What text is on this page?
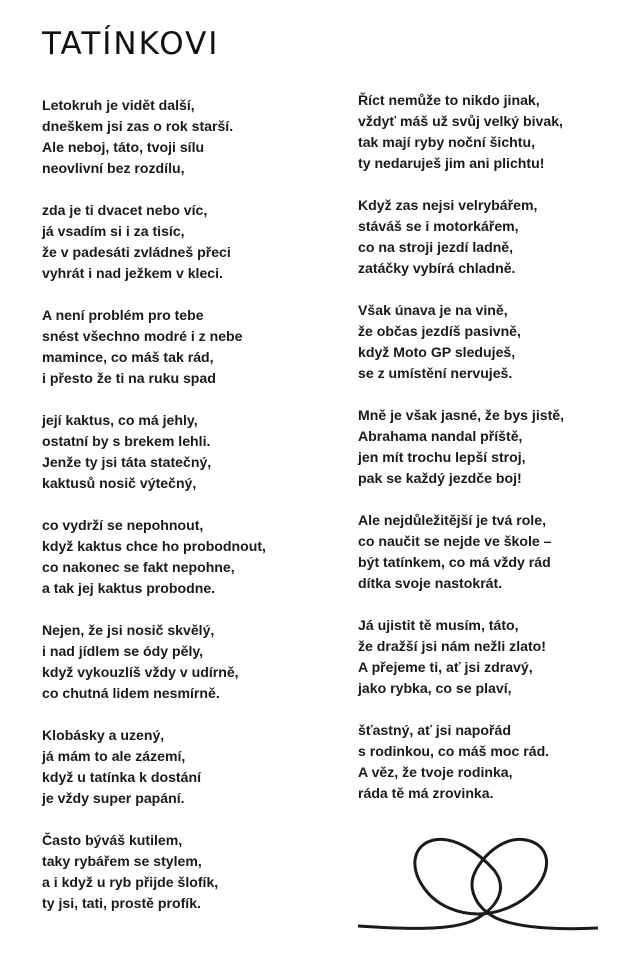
TATÍNKOVI
Letokruh je vidět další,
dneškem jsi zas o rok starší.
Ale neboj, táto, tvoji sílu
neovlivní bez rozdílu,
zda je ti dvacet nebo víc,
já vsadím si i za tisíc,
že v padesáti zvládneš přeci
vyhrát i nad ježkem v kleci.
A není problém pro tebe
snést všechno modré i z nebe
mamince, co máš tak rád,
i přesto že ti na ruku spad
její kaktus, co má jehly,
ostatní by s brekem lehli.
Jenže ty jsi táta statečný,
kaktusů nosič výtečný,
co vydrží se nepohnout,
když kaktus chce ho probodnout,
co nakonec se fakt nepohne,
a tak jej kaktus probodne.
Nejen, že jsi nosič skvělý,
i nad jídlem se ódy pěly,
když vykouzlíš vždy v udírně,
co chutná lidem nesmírně.
Klobásky a uzený,
já mám to ale zázemí,
když u tatínka k dostání
je vždy super papání.
Často býváš kutilem,
taky rybářem se stylem,
a i když u ryb přijde šlofík,
ty jsi, tati, prostě profík.
Říct nemůže to nikdo jinak,
vždyť máš už svůj velký bivak,
tak mají ryby noční šichtu,
ty nedaruješ jim ani plichtu!
Když zas nejsi velrybářem,
stáváš se i motorkářem,
co na stroji jezdí ladně,
zatáčky vybírá chladně.
Však únava je na vině,
že občas jezdíš pasivně,
když Moto GP sleduješ,
se z umístění nervuješ.
Mně je však jasné, že bys jistě,
Abrahama nandal příště,
jen mít trochu lepší stroj,
pak se každý jezdče boj!
Ale nejdůležitější je tvá role,
co naučit se nejde ve škole –
být tatínkem, co má vždy rád
dítka svoje nastokrát.
Já ujistit tě musím, táto,
že dražší jsi nám nežli zlato!
A přejeme ti, ať jsi zdravý,
jako rybka, co se plaví,
šťastný, ať jsi napořád
s rodinkou, co máš moc rád.
A věz, že tvoje rodinka,
ráda tě má zrovinka.
